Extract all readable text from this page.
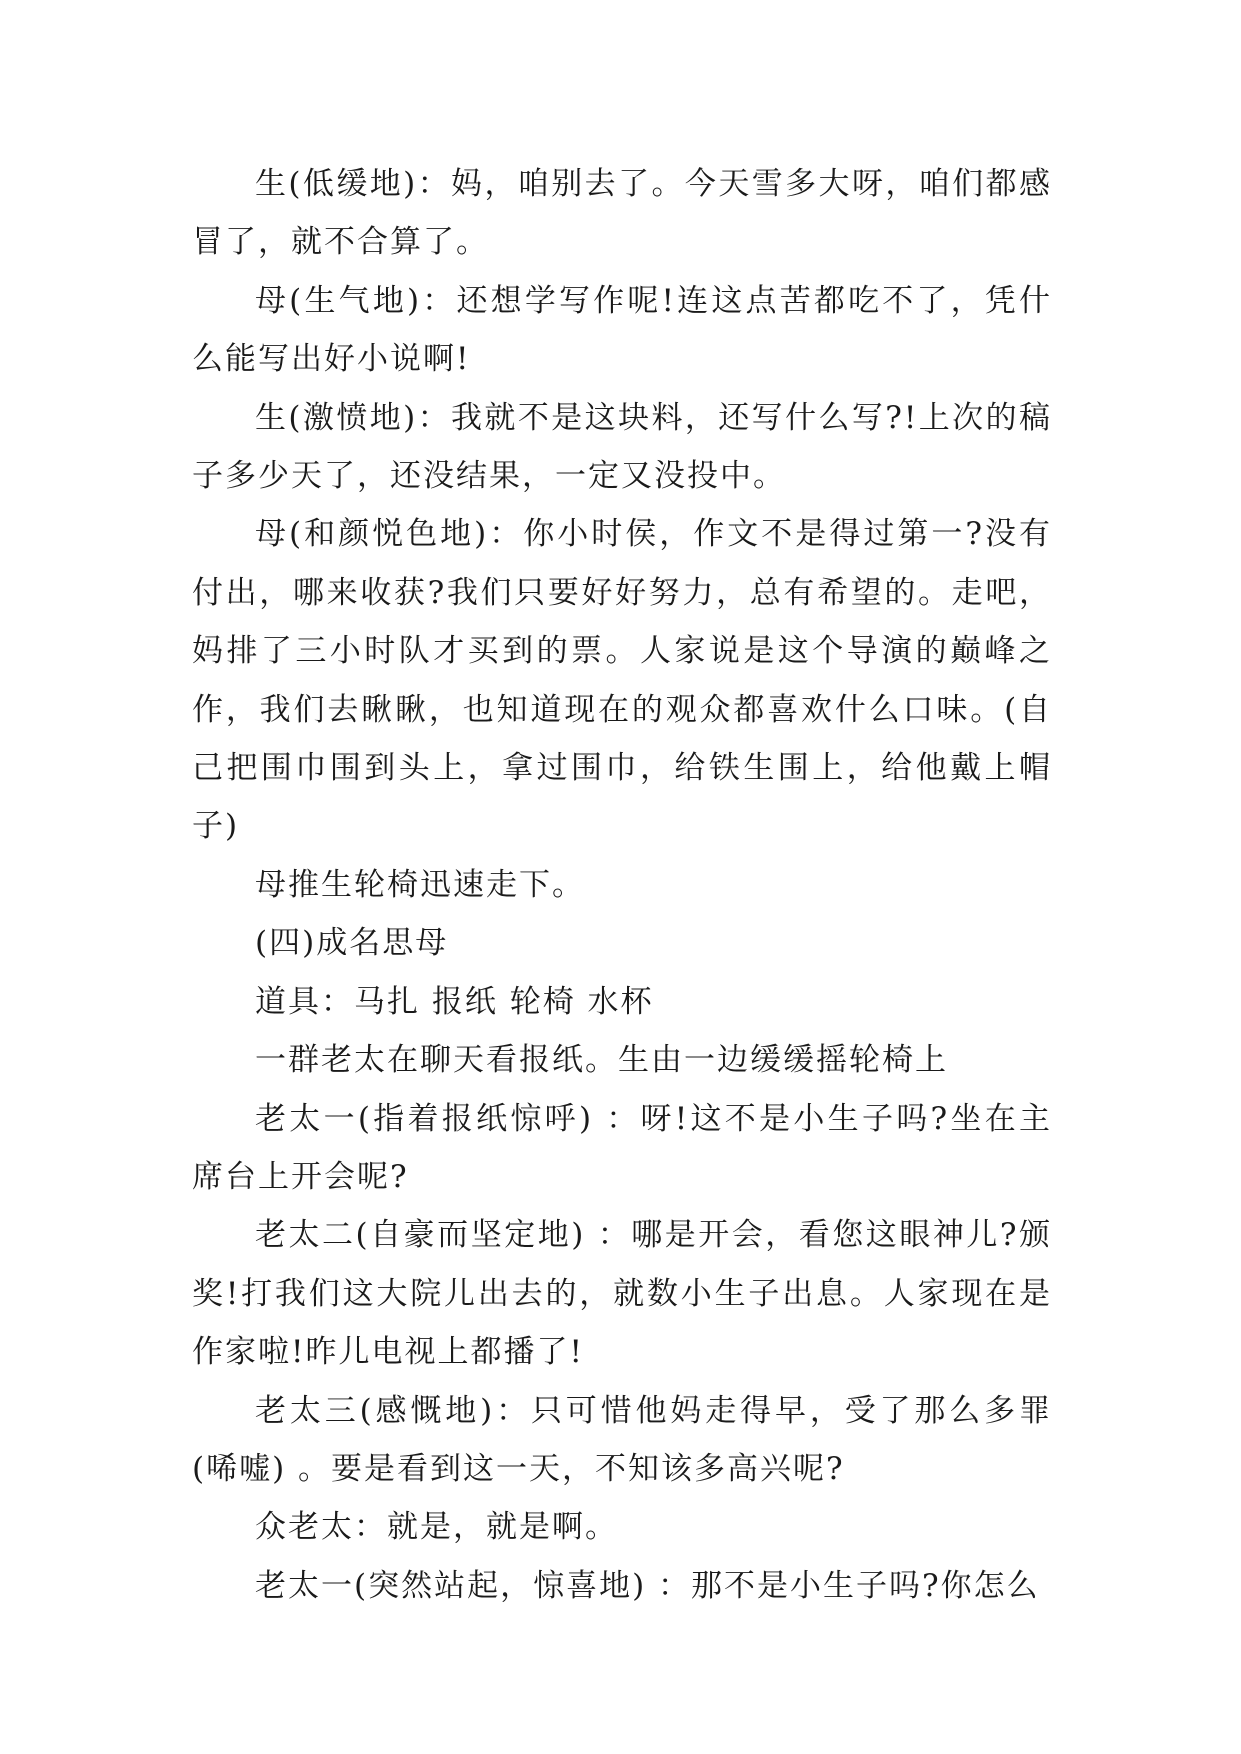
生(低缓地)：妈，咱别去了。今天雪多大呀，咱们都感冒了，就不合算了。

母(生气地)：还想学写作呢!连这点苦都吃不了，凭什么能写出好小说啊!

生(激愤地)：我就不是这块料，还写什么写?!上次的稿子多少天了，还没结果，一定又没投中。

母(和颜悦色地)：你小时侯，作文不是得过第一?没有付出，哪来收获?我们只要好好努力，总有希望的。走吧，妈排了三小时队才买到的票。人家说是这个导演的巅峰之作，我们去瞅瞅，也知道现在的观众都喜欢什么口味。(自己把围巾围到头上，拿过围巾，给铁生围上，给他戴上帽子)

母推生轮椅迅速走下。

(四)成名思母

道具：马扎 报纸 轮椅 水杯

一群老太在聊天看报纸。生由一边缓缓摇轮椅上

老太一(指着报纸惊呼) ：呀!这不是小生子吗?坐在主席台上开会呢?

老太二(自豪而坚定地) ：哪是开会，看您这眼神儿?颁奖!打我们这大院儿出去的，就数小生子出息。人家现在是作家啦!昨儿电视上都播了!

老太三(感慨地)：只可惜他妈走得早，受了那么多罪(唏嘘) 。要是看到这一天，不知该多高兴呢?

众老太：就是，就是啊。

老太一(突然站起，惊喜地) ：那不是小生子吗?你怎么
